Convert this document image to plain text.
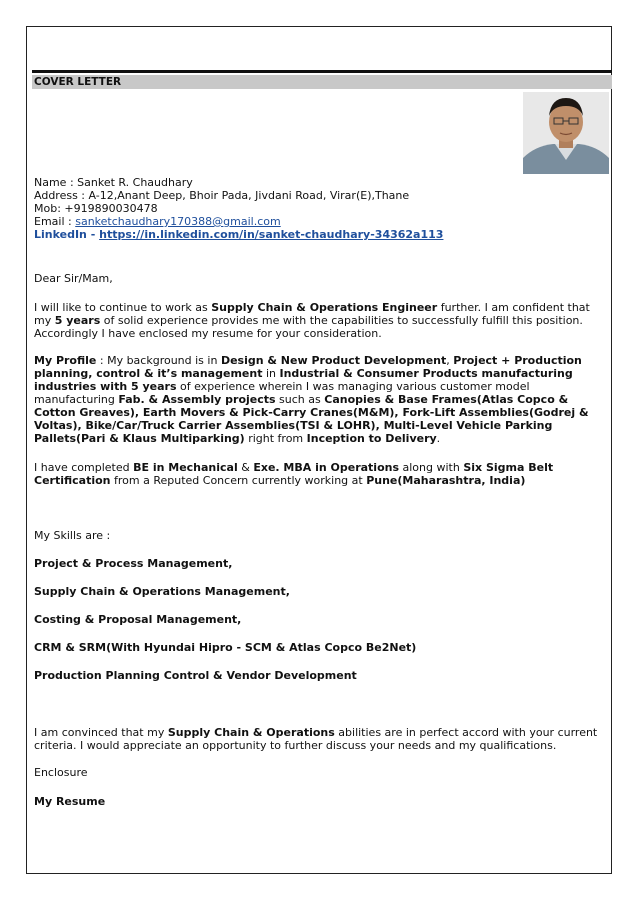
COVER LETTER

Name : Sanket R. Chaudhary

Address : A-12,Anant Deep, Bhoir Pada, Jivdani Road, Virar(E),Thane

Mob: +919890030478

Email : sanketchaudhary170388@gmail.com

LinkedIn - https://in.linkedin.com/in/sanket-chaudhary-34362a113

Dear Sir/Mam,
I will like to continue to work as Supply Chain & Operations Engineer further. I am confident that my 5 years of solid experience provides me with the capabilities to successfully fulfill this position. Accordingly I have enclosed my resume for your consideration.
My Profile : My background is in Design & New Product Development, Project + Production planning, control & it’s management in Industrial & Consumer Products manufacturing industries with 5 years of experience wherein I was managing various customer model manufacturing Fab. & Assembly projects such as Canopies & Base Frames(Atlas Copco & Cotton Greaves), Earth Movers & Pick-Carry Cranes(M&M), Fork-Lift Assemblies(Godrej & Voltas), Bike/Car/Truck Carrier Assemblies(TSI & LOHR), Multi-Level Vehicle Parking Pallets(Pari & Klaus Multiparking) right from Inception to Delivery.
I have completed BE in Mechanical & Exe. MBA in Operations along with Six Sigma Belt Certification from a Reputed Concern currently working at Pune(Maharashtra, India)
My Skills are :
Project & Process Management,
Supply Chain & Operations Management,
Costing & Proposal Management,
CRM & SRM(With Hyundai Hipro - SCM & Atlas Copco Be2Net)
Production Planning Control & Vendor Development
I am convinced that my Supply Chain & Operations abilities are in perfect accord with your current criteria. I would appreciate an opportunity to further discuss your needs and my qualifications.
Enclosure
My Resume
